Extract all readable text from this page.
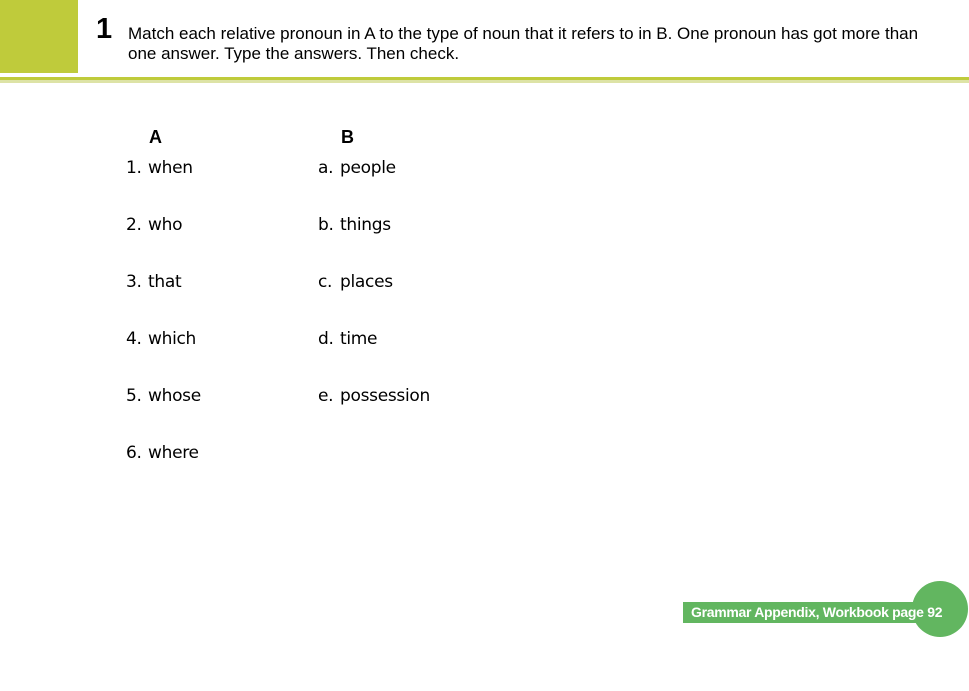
1 Match each relative pronoun in A to the type of noun that it refers to in B. One pronoun has got more than one answer. Type the answers. Then check.
A
1. when
2. who
3. that
4. which
5. whose
6. where
B
a. people
b. things
c. places
d. time
e. possession
Grammar Appendix, Workbook page 92
